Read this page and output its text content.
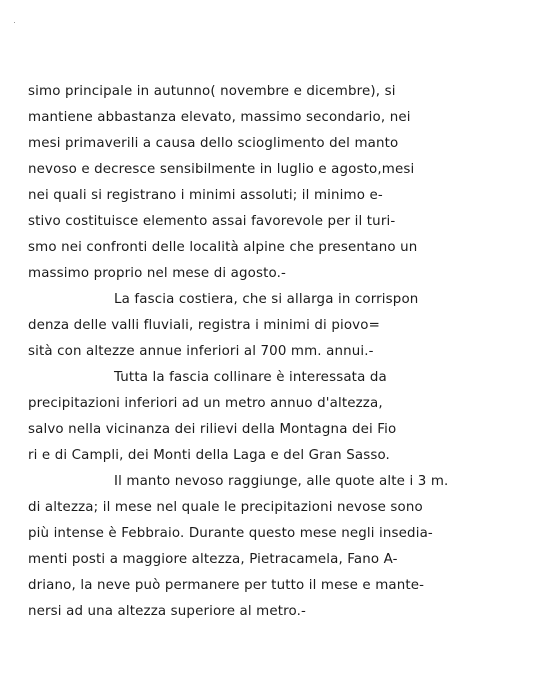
simo principale in autunno( novembre e dicembre), si
mantiene abbastanza elevato, massimo secondario, nei
mesi primaverili a causa dello scioglimento del manto
nevoso e decresce sensibilmente in luglio e agosto,mesi
nei quali si registrano i minimi assoluti; il minimo e-
stivo costituisce elemento assai favorevole per il turi-
smo nei confronti delle località alpine che presentano un
massimo proprio nel mese di agosto.-
La fascia costiera, che si allarga in corrispon
denza delle valli fluviali, registra i minimi di piovo=
sità con altezze annue inferiori al 700 mm. annui.-
Tutta la fascia collinare è interessata da
precipitazioni inferiori ad un metro annuo d'altezza,
salvo nella vicinanza dei rilievi della Montagna dei Fio
ri e di Campli, dei Monti della Laga e del Gran Sasso.
Il manto nevoso raggiunge, alle quote alte i 3 m.
di altezza; il mese nel quale le precipitazioni nevose sono
più intense è Febbraio. Durante questo mese negli insedia-
menti posti a maggiore altezza, Pietracamela, Fano A-
driano, la neve può permanere per tutto il mese e mante-
nersi ad una altezza superiore al metro.-
